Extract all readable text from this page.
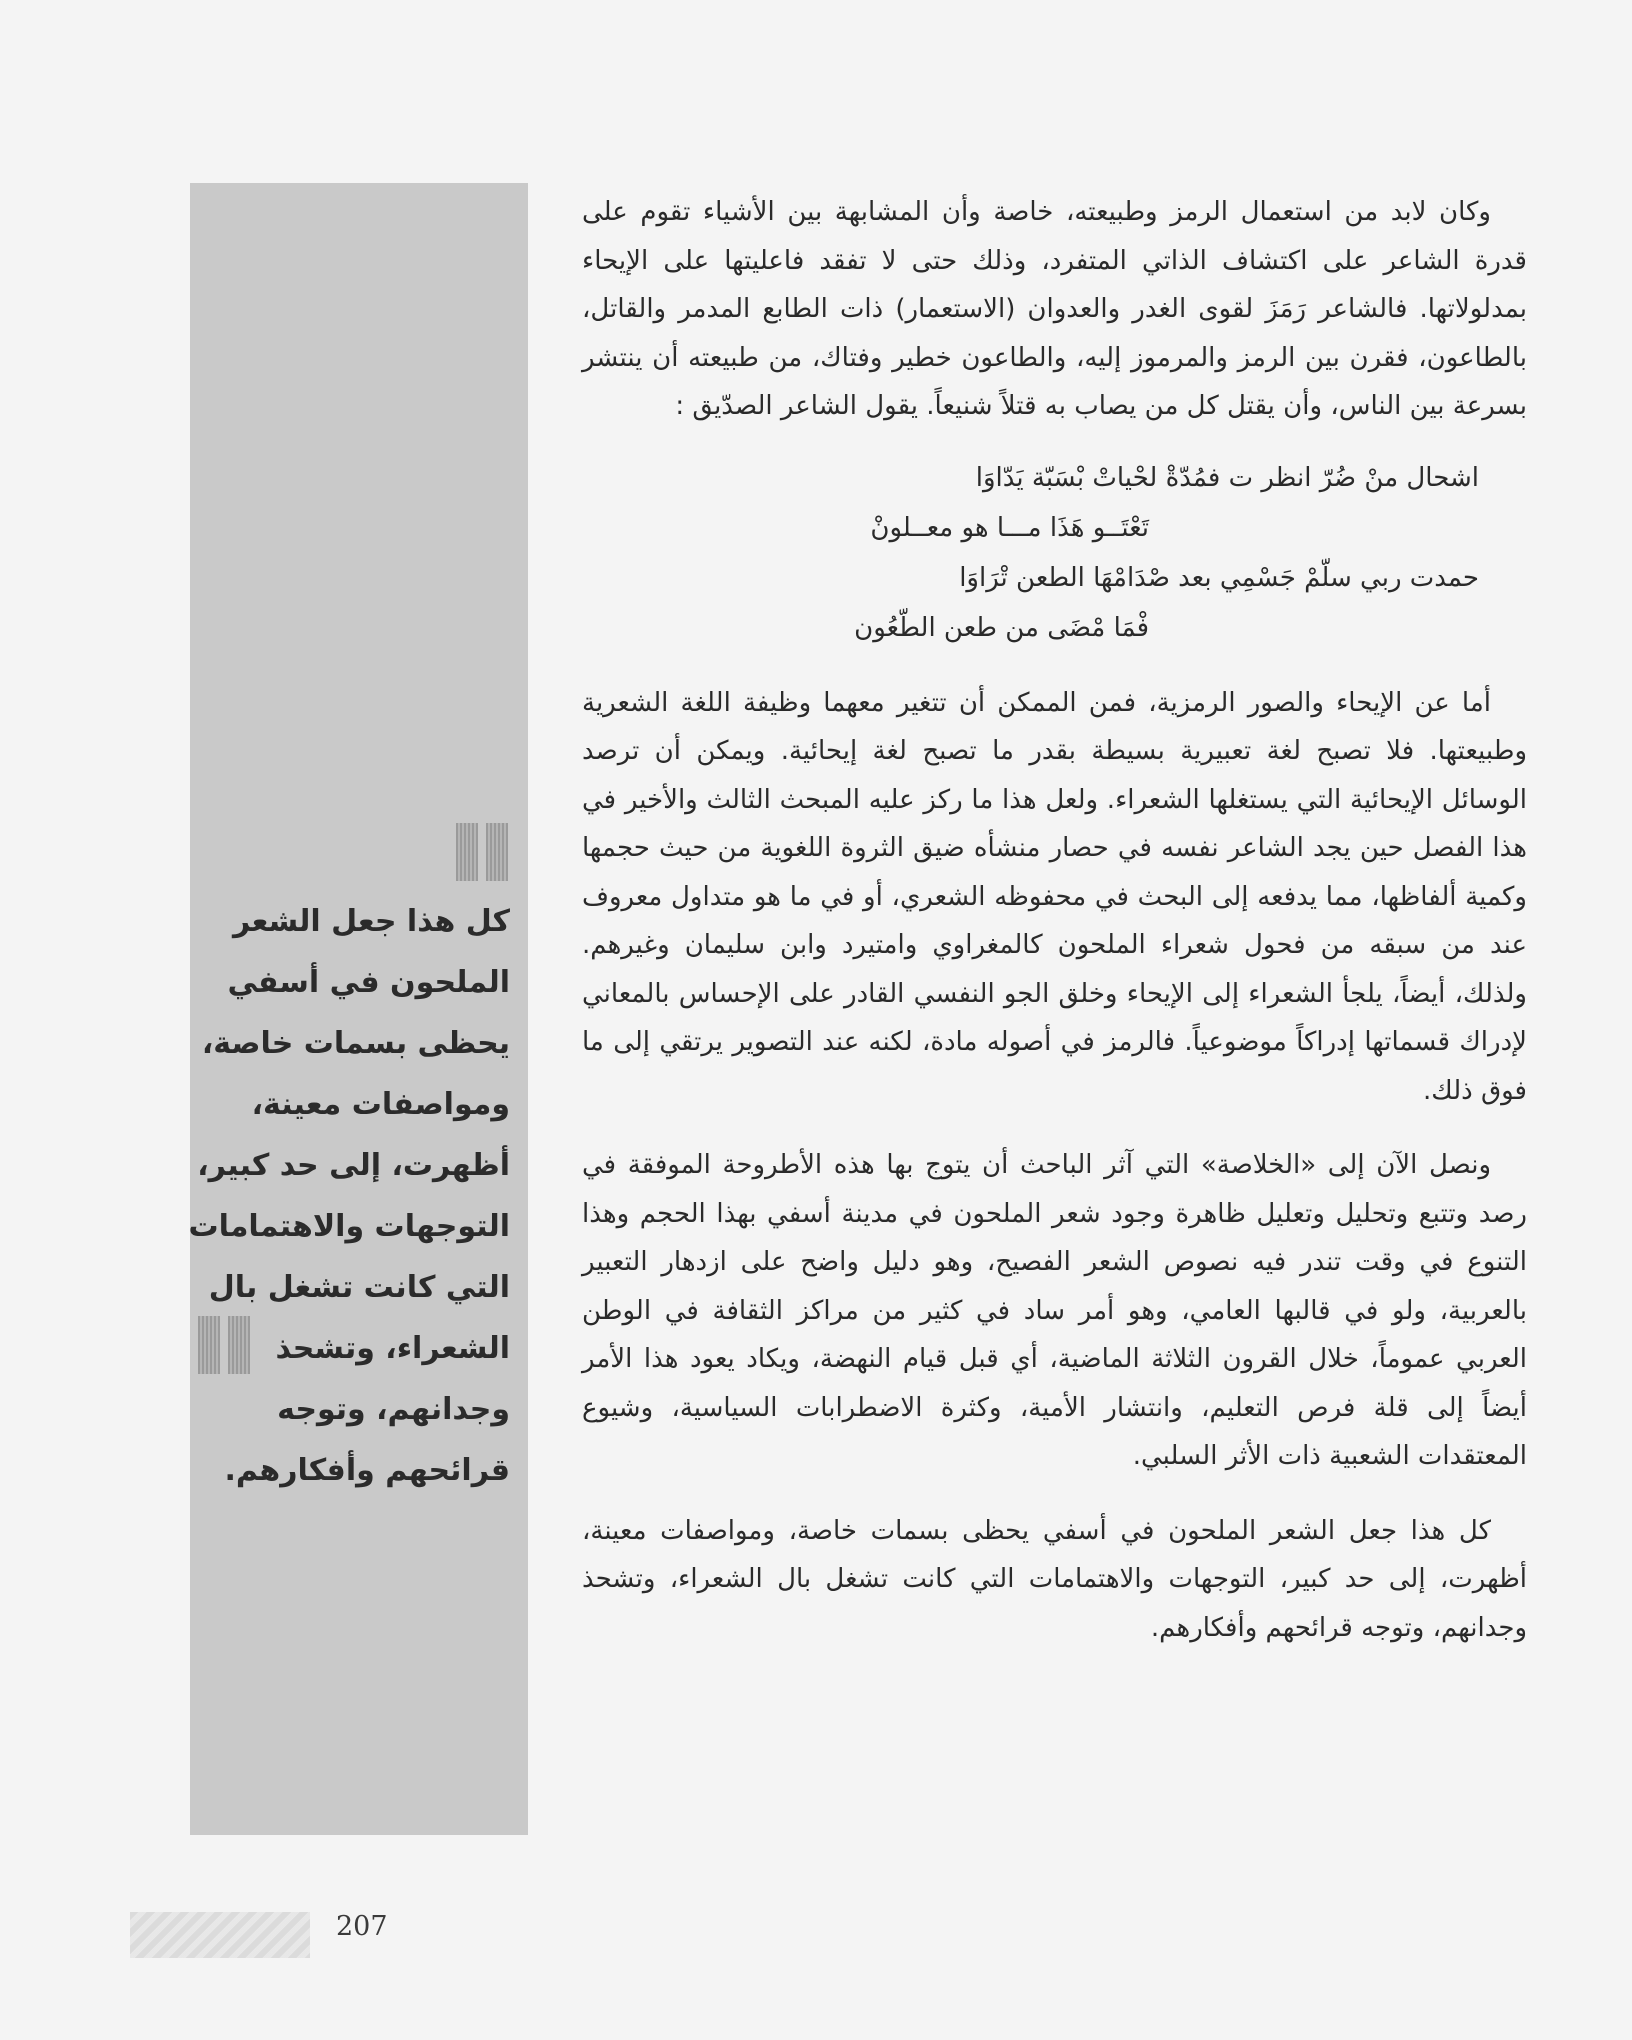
كل هذا جعل الشعر
الملحون في أسفي
يحظى بسمات خاصة،
ومواصفات معينة،
أظهرت، إلى حد كبير،
التوجهات والاهتمامات
التي كانت تشغل بال
الشعراء، وتشحذ
وجدانهم، وتوجه
قرائحهم وأفكارهم.

وكان لابد من استعمال الرمز وطبيعته، خاصة وأن المشابهة بين الأشياء تقوم على قدرة الشاعر على اكتشاف الذاتي المتفرد، وذلك حتى لا تفقد فاعليتها على الإيحاء بمدلولاتها. فالشاعر رَمَزَ لقوى الغدر والعدوان (الاستعمار) ذات الطابع المدمر والقاتل، بالطاعون، فقرن بين الرمز والمرموز إليه، والطاعون خطير وفتاك، من طبيعته أن ينتشر بسرعة بين الناس، وأن يقتل كل من يصاب به قتلاً شنيعاً. يقول الشاعر الصدّيق :

اشحال منْ ضُرّ انظر ت فمُدّةْ لحْياتْ بْسَبّة يَدّاوَا
تَعْتَــو هَذَا مـــا هو معــلونْ
حمدت ربي سلّمْ جَسْمِي بعد صْدَامْهَا الطعن تْرَاوَا
فْمَا مْضَى من طعن الطّعُون

أما عن الإيحاء والصور الرمزية، فمن الممكن أن تتغير معهما وظيفة اللغة الشعرية وطبيعتها. فلا تصبح لغة تعبيرية بسيطة بقدر ما تصبح لغة إيحائية. ويمكن أن ترصد الوسائل الإيحائية التي يستغلها الشعراء. ولعل هذا ما ركز عليه المبحث الثالث والأخير في هذا الفصل حين يجد الشاعر نفسه في حصار منشأه ضيق الثروة اللغوية من حيث حجمها وكمية ألفاظها، مما يدفعه إلى البحث في محفوظه الشعري، أو في ما هو متداول معروف عند من سبقه من فحول شعراء الملحون كالمغراوي وامتيرد وابن سليمان وغيرهم. ولذلك، أيضاً، يلجأ الشعراء إلى الإيحاء وخلق الجو النفسي القادر على الإحساس بالمعاني لإدراك قسماتها إدراكاً موضوعياً. فالرمز في أصوله مادة، لكنه عند التصوير يرتقي إلى ما فوق ذلك.

ونصل الآن إلى «الخلاصة» التي آثر الباحث أن يتوج بها هذه الأطروحة الموفقة في رصد وتتبع وتحليل وتعليل ظاهرة وجود شعر الملحون في مدينة أسفي بهذا الحجم وهذا التنوع في وقت تندر فيه نصوص الشعر الفصيح، وهو دليل واضح على ازدهار التعبير بالعربية، ولو في قالبها العامي، وهو أمر ساد في كثير من مراكز الثقافة في الوطن العربي عموماً، خلال القرون الثلاثة الماضية، أي قبل قيام النهضة، ويكاد يعود هذا الأمر أيضاً إلى قلة فرص التعليم، وانتشار الأمية، وكثرة الاضطرابات السياسية، وشيوع المعتقدات الشعبية ذات الأثر السلبي.

كل هذا جعل الشعر الملحون في أسفي يحظى بسمات خاصة، ومواصفات معينة، أظهرت، إلى حد كبير، التوجهات والاهتمامات التي كانت تشغل بال الشعراء، وتشحذ وجدانهم، وتوجه قرائحهم وأفكارهم.

207
